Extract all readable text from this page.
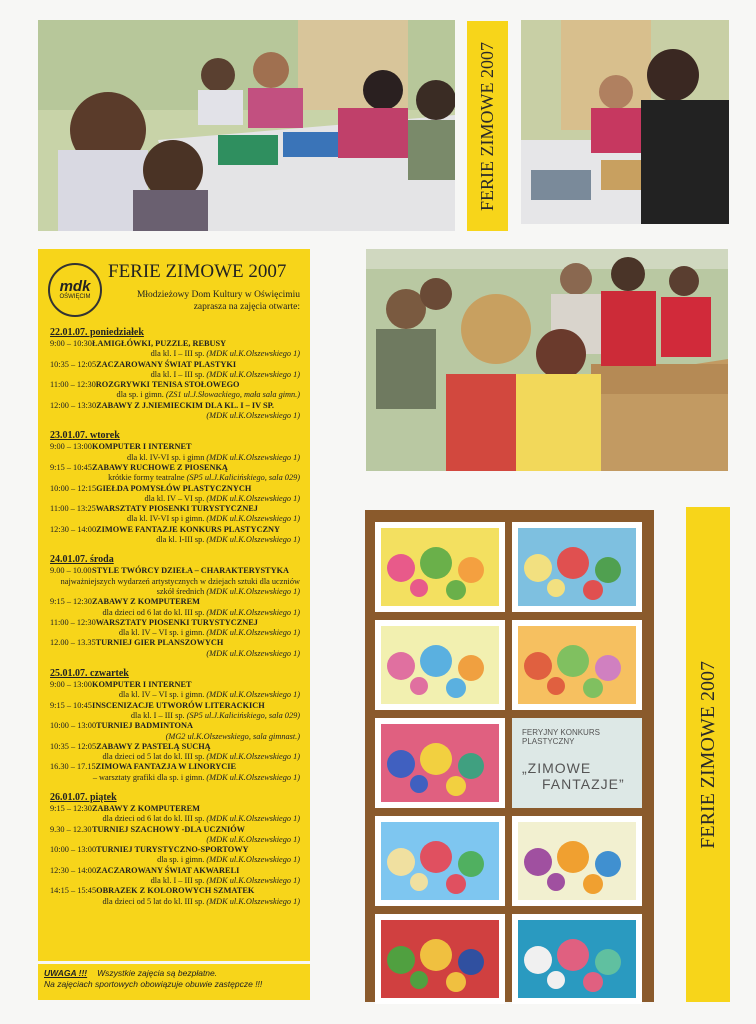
FERIE ZIMOWE 2007
mdk
OŚWIĘCIM
FERIE ZIMOWE 2007
Młodzieżowy Dom Kultury w Oświęcimiu
zaprasza na zajęcia otwarte:
22.01.07. poniedziałek
9:00 – 10:30ŁAMIGŁÓWKI, PUZZLE, REBUSY
dla kl. I – III sp. (MDK ul.K.Olszewskiego 1)
10:35 – 12:05ZACZAROWANY ŚWIAT PLASTYKI
dla kl. I – III sp. (MDK ul.K.Olszewskiego 1)
11:00 – 12:30ROZGRYWKI TENISA STOŁOWEGO
dla sp. i gimn. (ZS1 ul.J.Słowackiego, mała sala gimn.)
12:00 – 13:30ZABAWY Z J.NIEMIECKIM DLA KL. I – IV SP.
(MDK ul.K.Olszewskiego 1)
23.01.07. wtorek
9:00 – 13:00KOMPUTER I INTERNET
dla kl. IV-VI sp. i gimn (MDK ul.K.Olszewskiego 1)
9:15 – 10:45ZABAWY RUCHOWE Z PIOSENKĄ
krótkie formy teatralne (SP5 ul.J.Kalicińskiego, sala 029)
10:00 – 12:15GIEŁDA POMYSŁÓW PLASTYCZNYCH
dla kl. IV – VI sp. (MDK ul.K.Olszewskiego 1)
11:00 – 13:25WARSZTATY PIOSENKI TURYSTYCZNEJ
dla kl. IV-VI sp i gimn. (MDK ul.K.Olszewskiego 1)
12:30 – 14:00ZIMOWE FANTAZJE KONKURS PLASTYCZNY
dla kl. I-III sp. (MDK ul.K.Olszewskiego 1)
24.01.07. środa
9.00 – 10.00STYLE TWÓRCY DZIEŁA – CHARAKTERYSTYKA
najważniejszych wydarzeń artystycznych w dziejach sztuki dla uczniów szkół średnich (MDK ul.K.Olszewskiego 1)
9:15 – 12:30ZABAWY Z KOMPUTEREM
dla dzieci od 6 lat do kl. III sp. (MDK ul.K.Olszewskiego 1)
11:00 – 12:30WARSZTATY PIOSENKI TURYSTYCZNEJ
dla kl. IV – VI sp. i gimn. (MDK ul.K.Olszewskiego 1)
12.00 – 13.35TURNIEJ GIER PLANSZOWYCH
(MDK ul.K.Olszewskiego 1)
25.01.07. czwartek
9:00 – 13:00KOMPUTER I INTERNET
dla kl. IV – VI sp. i gimn. (MDK ul.K.Olszewskiego 1)
9:15 – 10:45INSCENIZACJE UTWORÓW LITERACKICH
dla kl. I – III sp. (SP5 ul.J.Kalicińskiego, sala 029)
10:00 – 13:00TURNIEJ BADMINTONA
(MG2 ul.K.Olszewskiego, sala gimnast.)
10:35 – 12:05ZABAWY Z PASTELĄ SUCHĄ
dla dzieci od 5 lat do kl. III sp. (MDK ul.K.Olszewskiego 1)
16.30 – 17.15ZIMOWA FANTAZJA W LINORYCIE
– warsztaty grafiki dla sp. i gimn. (MDK ul.K.Olszewskiego 1)
26.01.07. piątek
9:15 – 12:30ZABAWY Z KOMPUTEREM
dla dzieci od 6 lat do kl. III sp. (MDK ul.K.Olszewskiego 1)
9.30 – 12.30TURNIEJ SZACHOWY -DLA UCZNIÓW
(MDK ul.K.Olszewskiego 1)
10:00 – 13:00TURNIEJ TURYSTYCZNO-SPORTOWY
dla sp. i gimn. (MDK ul.K.Olszewskiego 1)
12:30 – 14:00ZACZAROWANY ŚWIAT AKWARELI
dla kl. I – III sp. (MDK ul.K.Olszewskiego 1)
14:15 – 15:45OBRAZEK Z KOLOROWYCH SZMATEK
dla dzieci od 5 lat do kl. III sp. (MDK ul.K.Olszewskiego 1)
UWAGA !!! Wszystkie zajęcia są bezpłatne.
Na zajęciach sportowych obowiązuje obuwie zastępcze !!!
FERIE ZIMOWE 2007
FERYJNY KONKURS PLASTYCZNY
„ZIMOWE
FANTAZJE”
